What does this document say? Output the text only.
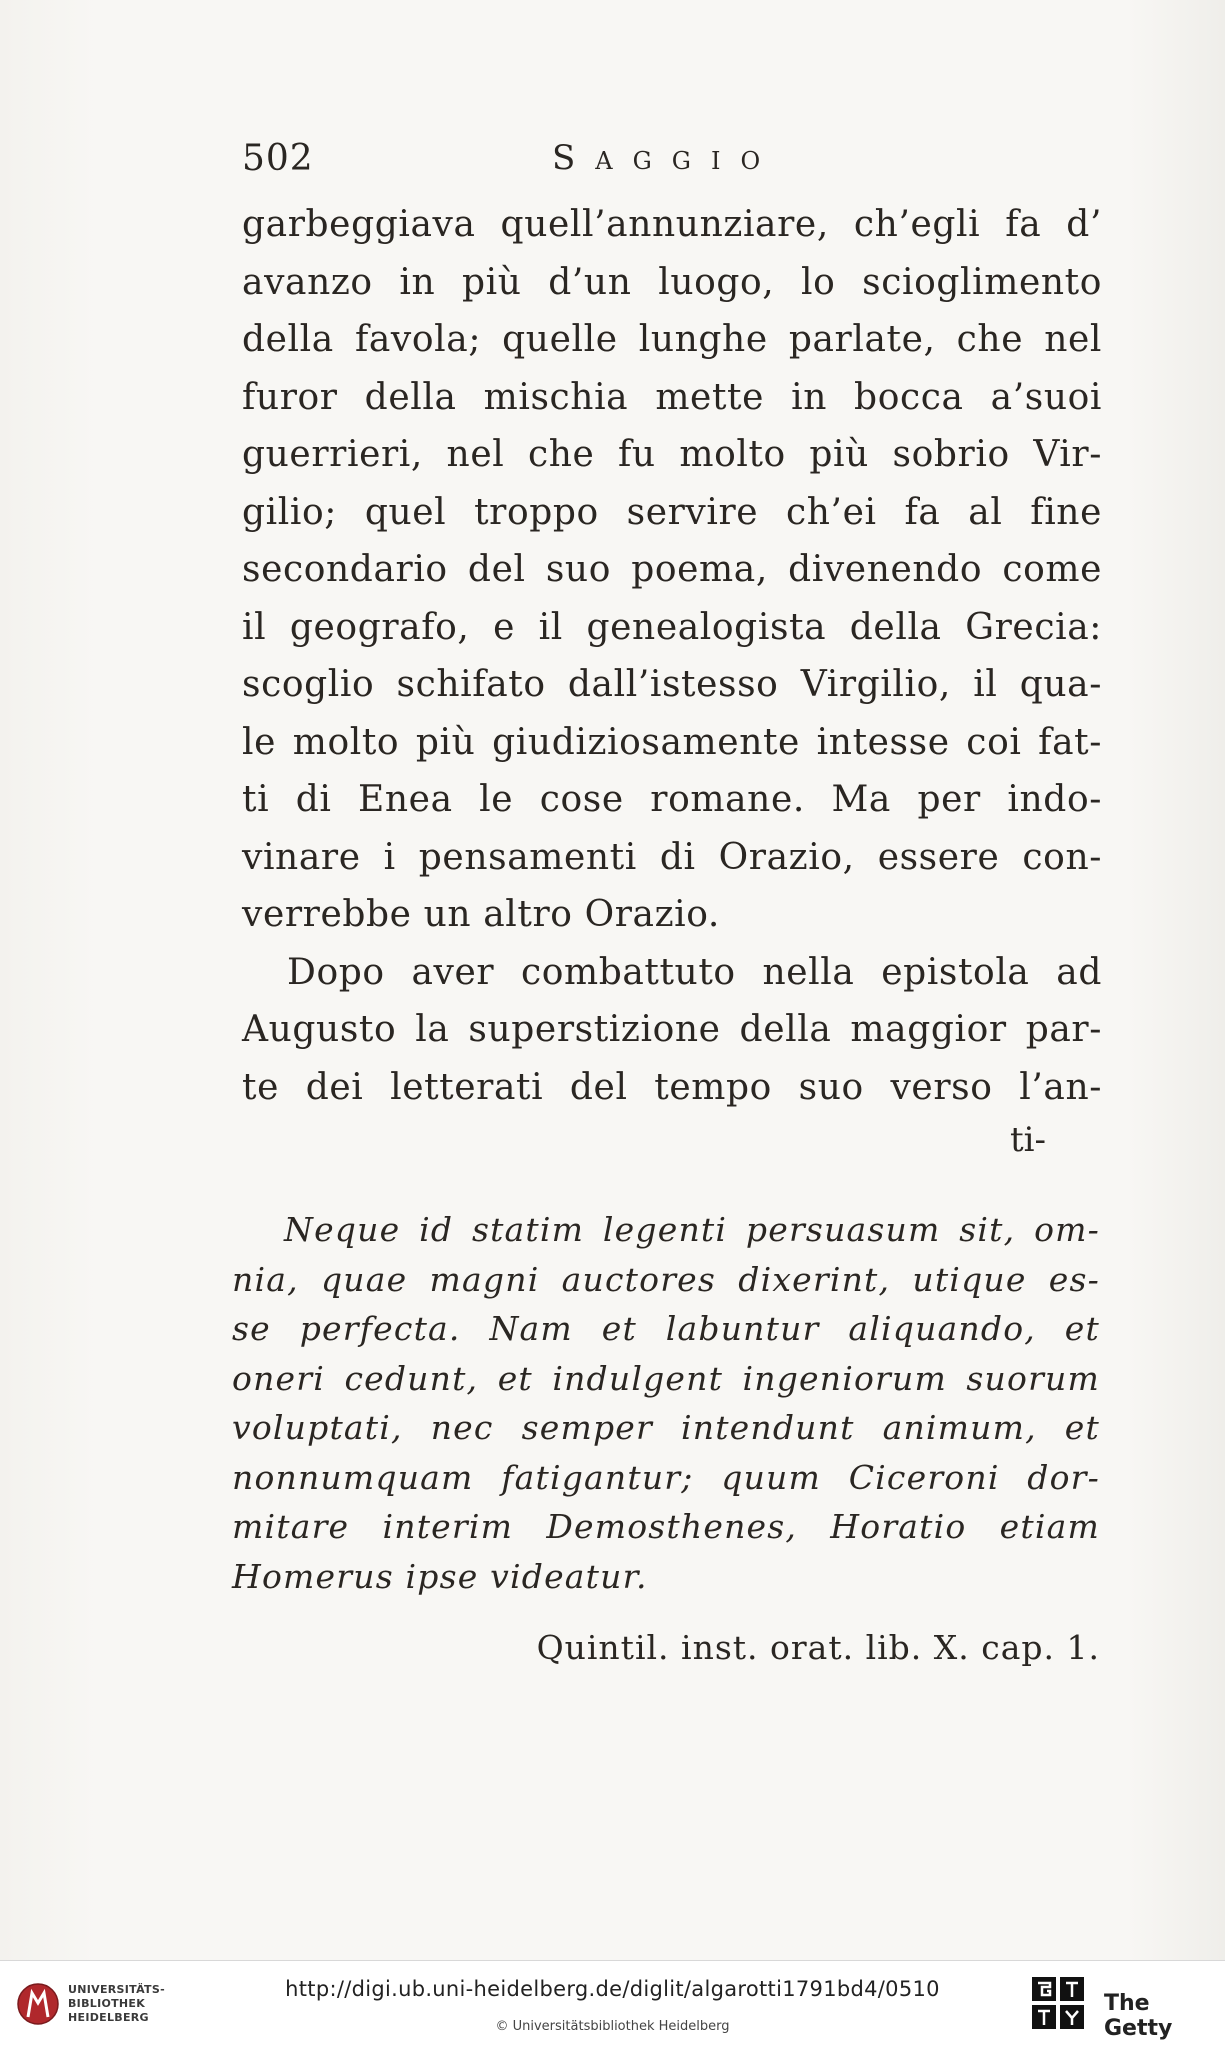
502	Saggio
garbeggiava quell’annunziare, ch’egli fa d’
avanzo in più d’un luogo, lo scioglimento
della favola; quelle lunghe parlate, che nel
furor della mischia mette in bocca a’suoi
guerrieri, nel che fu molto più sobrio Vir-
gilio; quel troppo servire ch’ei fa al fine
secondario del suo poema, divenendo come
il geografo, e il genealogista della Grecia:
scoglio schifato dall’istesso Virgilio, il qua-
le molto più giudiziosamente intesse coi fat-
ti di Enea le cose romane. Ma per indo-
vinare i pensamenti di Orazio, essere con-
verrebbe un altro Orazio.
Dopo aver combattuto nella epistola ad
Augusto la superstizione della maggior par-
te dei letterati del tempo suo verso l’an-
ti-
Neque id statim legenti persuasum sit, om-
nia, quae magni auctores dixerint, utique es-
se perfecta. Nam et labuntur aliquando, et
oneri cedunt, et indulgent ingeniorum suorum
voluptati, nec semper intendunt animum, et
nonnumquam fatigantur; quum Ciceroni dor-
mitare interim Demosthenes, Horatio etiam
Homerus ipse videatur.
Quintil. inst. orat. lib. X. cap. 1.
UNIVERSITÄTS-
BIBLIOTHEK
HEIDELBERG
http://digi.ub.uni-heidelberg.de/diglit/algarotti1791bd4/0510
© Universitätsbibliothek Heidelberg
The Getty
